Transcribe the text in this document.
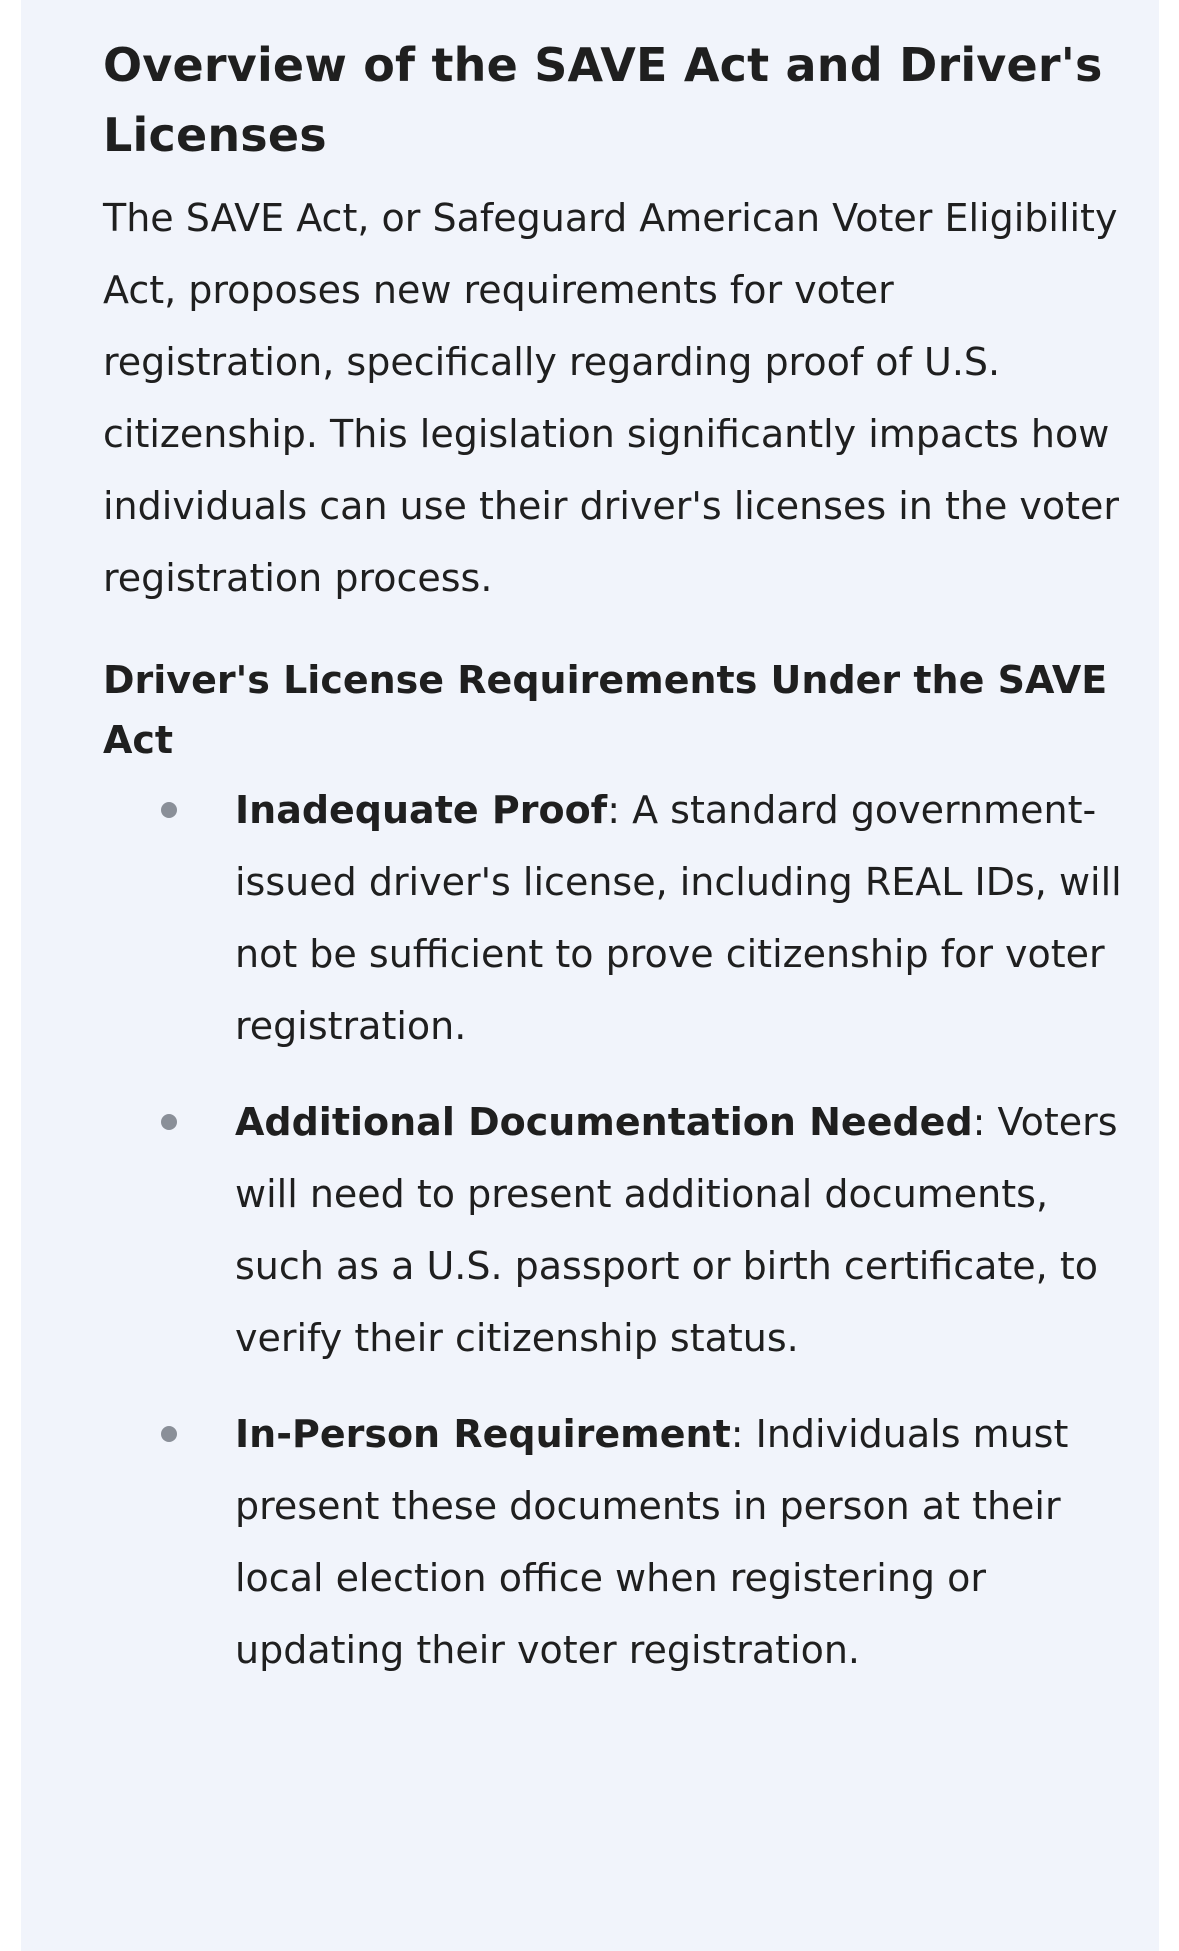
Overview of the SAVE Act and Driver's Licenses

The SAVE Act, or Safeguard American Voter Eligibility Act, proposes new requirements for voter registration, specifically regarding proof of U.S. citizenship. This legislation significantly impacts how individuals can use their driver's licenses in the voter registration process.

Driver's License Requirements Under the SAVE Act
Inadequate Proof: A standard government-issued driver's license, including REAL IDs, will not be sufficient to prove citizenship for voter registration.
Additional Documentation Needed: Voters will need to present additional documents, such as a U.S. passport or birth certificate, to verify their citizenship status.
In-Person Requirement: Individuals must present these documents in person at their local election office when registering or updating their voter registration.
